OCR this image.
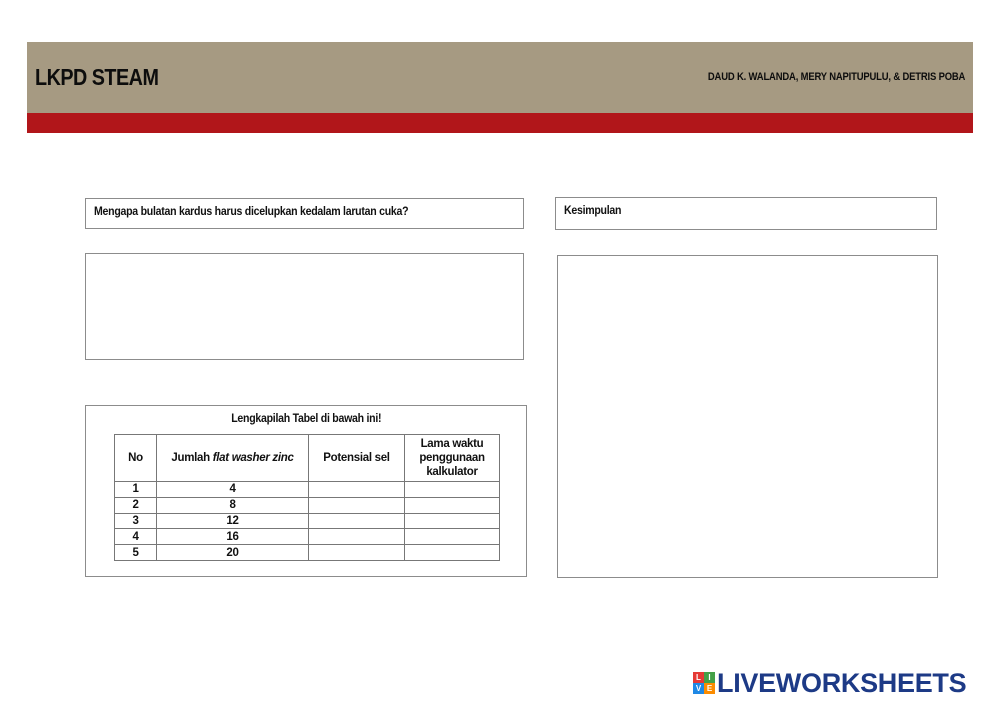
LKPD STEAM	DAUD K. WALANDA, MERY NAPITUPULU, & DETRIS POBA
Mengapa bulatan kardus harus dicelupkan kedalam larutan cuka?	Kesimpulan
Lengkapilah Tabel di bawah ini!
No	Jumlah flat washer zinc	Potensial sel	Lama waktu penggunaan kalkulator
1	4		
2	8		
3	12		
4	16		
5	20		
L I
V E LIVEWORKSHEETS
